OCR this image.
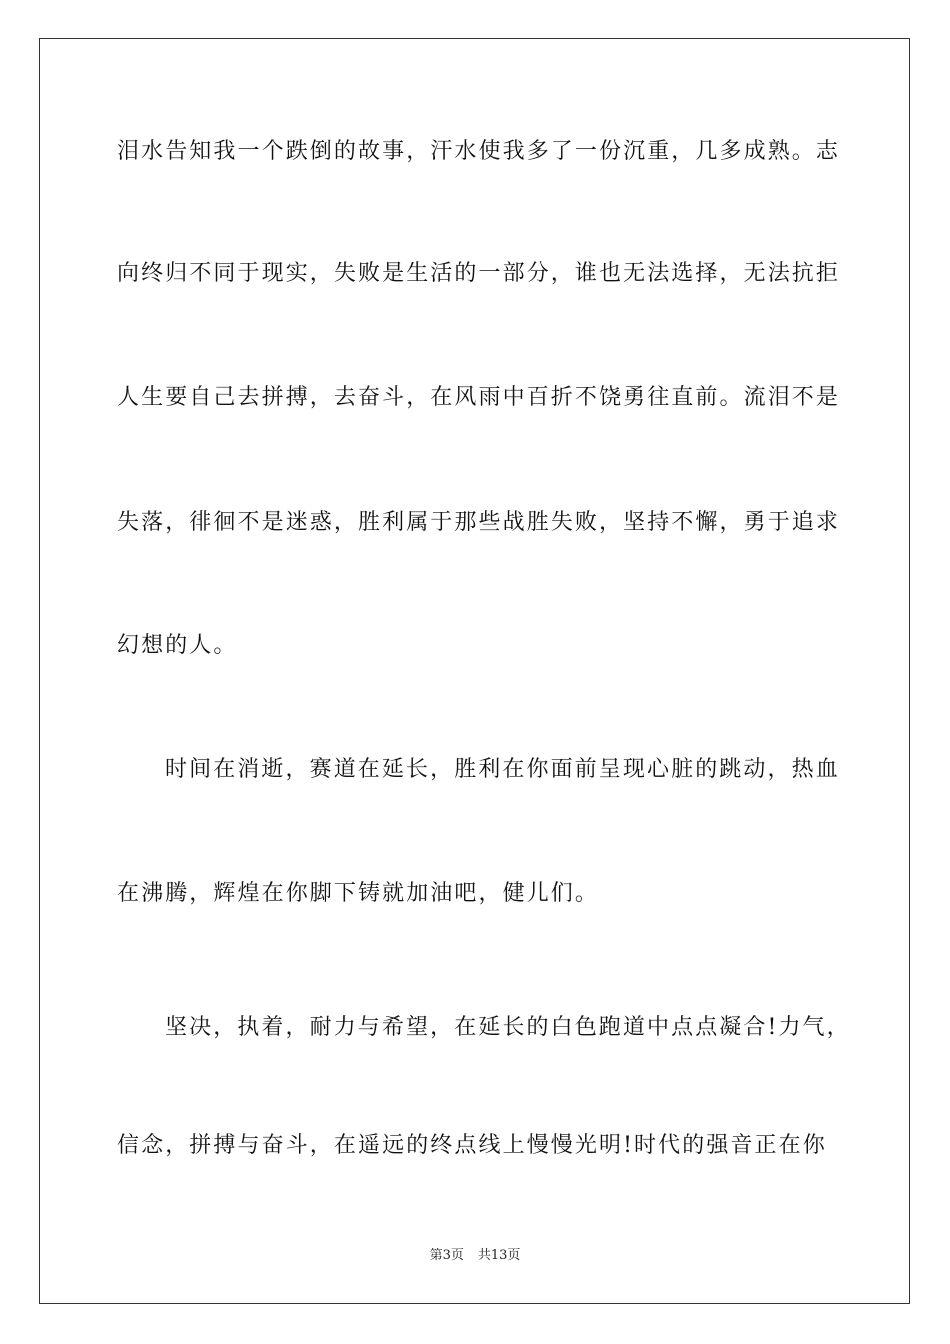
泪水告知我一个跌倒的故事，汗水使我多了一份沉重，几多成熟。志
向终归不同于现实，失败是生活的一部分，谁也无法选择，无法抗拒
人生要自己去拼搏，去奋斗，在风雨中百折不饶勇往直前。流泪不是
失落，徘徊不是迷惑，胜利属于那些战胜失败，坚持不懈，勇于追求
幻想的人。
时间在消逝，赛道在延长，胜利在你面前呈现心脏的跳动，热血
在沸腾，辉煌在你脚下铸就加油吧，健儿们。
坚决，执着，耐力与希望，在延长的白色跑道中点点凝合!力气，
信念，拼搏与奋斗，在遥远的终点线上慢慢光明!时代的强音正在你
第3页 共13页
